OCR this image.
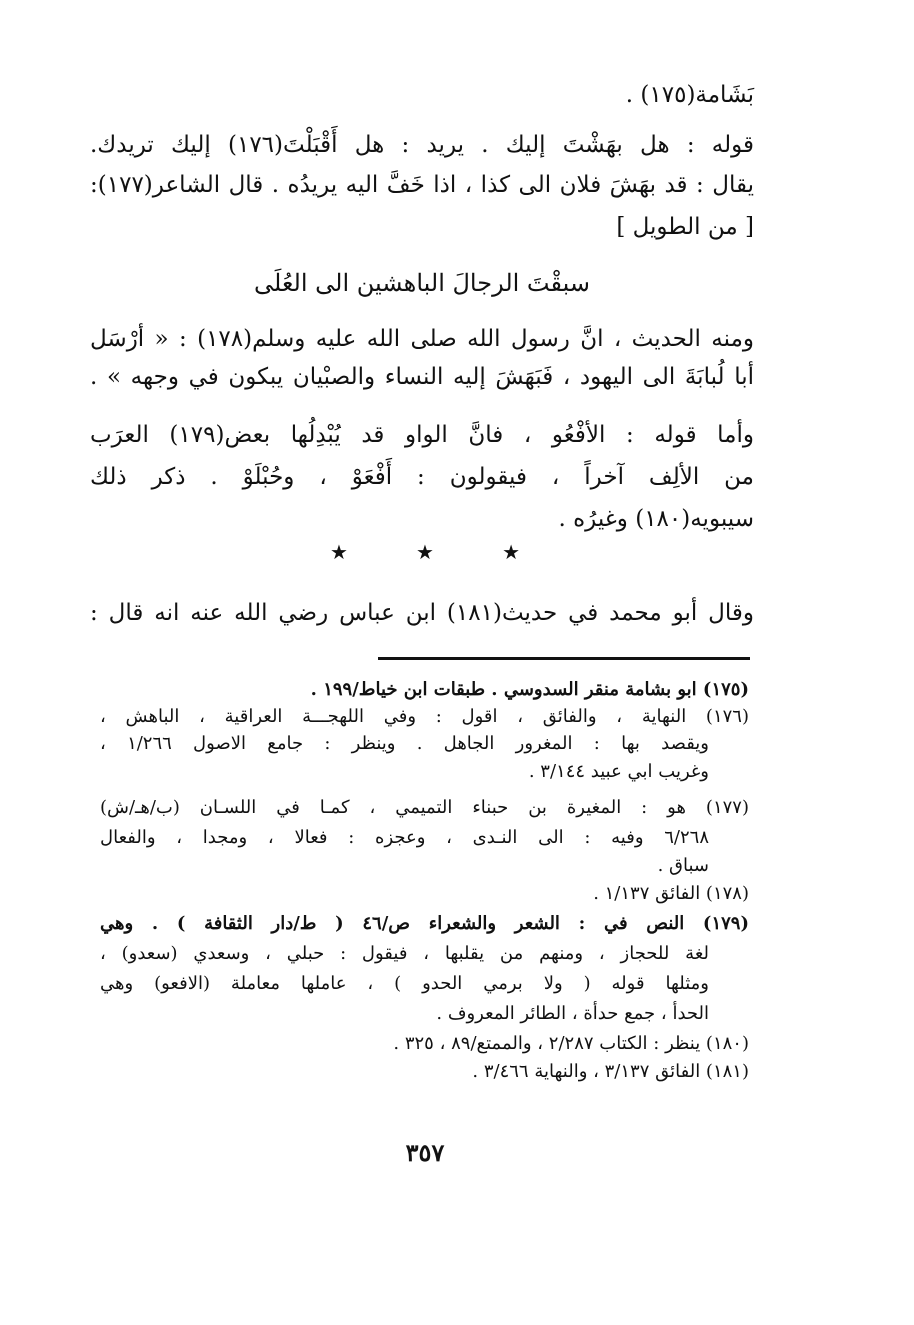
بَشَامة(١٧٥) .
قوله : هل بهَشْتَ إليك . يريد : هل أَقْبَلْتَ(١٧٦) إليك تريدك.
يقال : قد بهَشَ فلان الى كذا ، اذا خَفَّ اليه يريدُه . قال الشاعر(١٧٧):
[ من الطويل ]
سبقْتَ الرجالَ الباهشين الى العُلَى
ومنه الحديث ، انَّ رسول الله صلى الله عليه وسلم(١٧٨) : « أرْسَل
أبا لُبابَةَ الى اليهود ، فَبَهَشَ إليه النساء والصبْيان يبكون في وجهه » .
وأما قوله : الأفْعُو ، فانَّ الواو قد يُبْدِلُها بعض(١٧٩) العرَب
من الألِف آخراً ، فيقولون : أَفْعَوْ ، وحُبْلَوْ . ذكر ذلك
سيبويه(١٨٠) وغيرُه .
★	★	★
وقال أبو محمد في حديث(١٨١) ابن عباس رضي الله عنه انه قال :
(١٧٥) ابو بشامة منقر السدوسي . طبقات ابن خياط/١٩٩ .
(١٧٦) النهاية ، والفائق ، اقول : وفي اللهجـــة العراقية ، الباهش ،
ويقصد بها : المغرور الجاهل . وينظر : جامع الاصول ١/٢٦٦ ،
وغريب ابي عبيد ٣/١٤٤ .
(١٧٧) هو : المغيرة بن حبناء التميمي ، كمـا في اللسـان (ب/هـ/ش)
٦/٢٦٨ وفيه : الى النـدى ، وعجزه : فعالا ، ومجدا ، والفعال
سباق .
(١٧٨) الفائق ١/١٣٧ .
(١٧٩) النص في : الشعر والشعراء ص/٤٦ ( ط/دار الثقافة ) . وهي
لغة للحجاز ، ومنهم من يقلبها ، فيقول : حبلي ، وسعدي (سعدو) ،
ومثلها قوله ( ولا برمي الحدو ) ، عاملها معاملة (الافعو) وهي
الحدأ ، جمع حدأة ، الطائر المعروف .
(١٨٠) ينظر : الكتاب ٢/٢٨٧ ، والممتع/٨٩ ، ٣٢٥ .
(١٨١) الفائق ٣/١٣٧ ، والنهاية ٣/٤٦٦ .
٣٥٧
